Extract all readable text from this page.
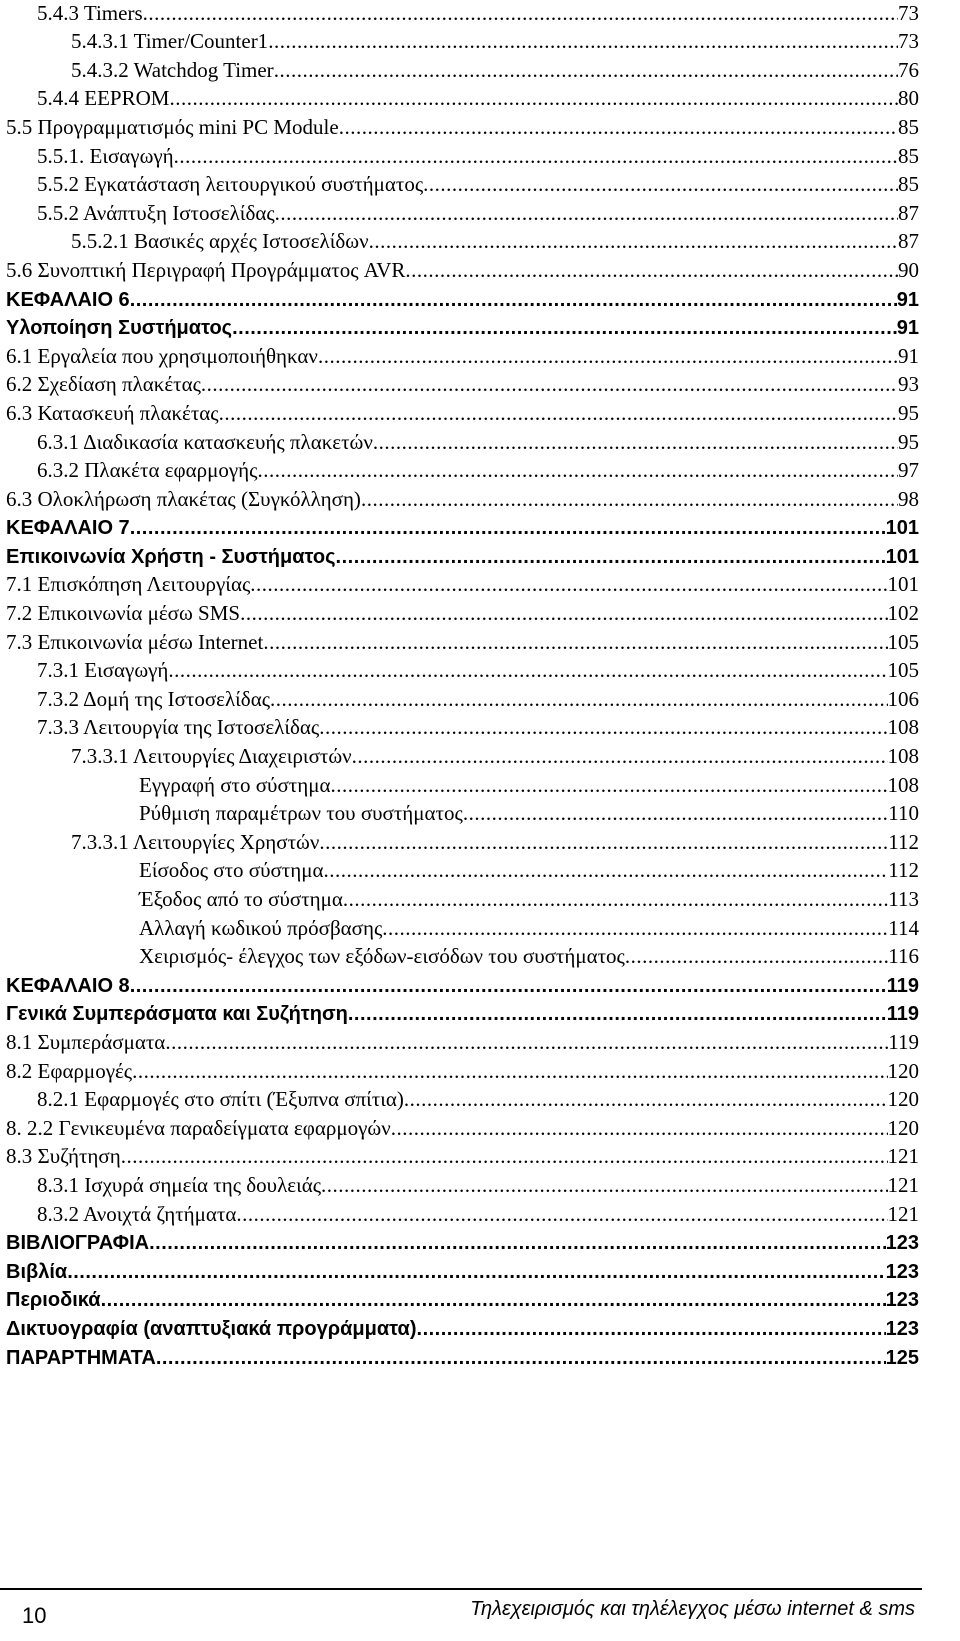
5.4.3 Timers .....	73
5.4.3.1 Timer/Counter1 .....	73
5.4.3.2 Watchdog Timer .....	76
5.4.4 EEPROM .....	80
5.5 Προγραμματισμός mini PC Module .....	85
5.5.1. Εισαγωγή .....	85
5.5.2 Εγκατάσταση λειτουργικού συστήματος .....	85
5.5.2 Ανάπτυξη Ιστοσελίδας .....	87
5.5.2.1 Βασικές αρχές Ιστοσελίδων .....	87
5.6 Συνοπτική Περιγραφή Προγράμματος AVR .....	90
ΚΕΦΑΛΑΙΟ 6 .....	91
Υλοποίηση Συστήματος .....	91
6.1 Εργαλεία που χρησιμοποιήθηκαν .....	91
6.2 Σχεδίαση πλακέτας .....	93
6.3 Κατασκευή πλακέτας .....	95
6.3.1 Διαδικασία κατασκευής πλακετών .....	95
6.3.2 Πλακέτα εφαρμογής .....	97
6.3 Ολοκλήρωση πλακέτας (Συγκόλληση) .....	98
ΚΕΦΑΛΑΙΟ 7 .....	101
Επικοινωνία Χρήστη - Συστήματος .....	101
7.1 Επισκόπηση Λειτουργίας .....	101
7.2 Επικοινωνία μέσω SMS .....	102
7.3 Επικοινωνία μέσω Internet .....	105
7.3.1 Εισαγωγή .....	105
7.3.2 Δομή της Ιστοσελίδας .....	106
7.3.3 Λειτουργία της Ιστοσελίδας .....	108
7.3.3.1 Λειτουργίες Διαχειριστών .....	108
Εγγραφή στο σύστημα .....	108
Ρύθμιση παραμέτρων του συστήματος .....	110
7.3.3.1 Λειτουργίες Χρηστών .....	112
Είσοδος στο σύστημα .....	112
Έξοδος από το σύστημα .....	113
Αλλαγή κωδικού πρόσβασης .....	114
Χειρισμός- έλεγχος των εξόδων-εισόδων του συστήματος .....	116
ΚΕΦΑΛΑΙΟ 8 .....	119
Γενικά Συμπεράσματα και Συζήτηση .....	119
8.1 Συμπεράσματα .....	119
8.2 Εφαρμογές .....	120
8.2.1 Εφαρμογές στο σπίτι (Έξυπνα σπίτια) .....	120
8. 2.2 Γενικευμένα παραδείγματα εφαρμογών .....	120
8.3 Συζήτηση .....	121
8.3.1 Ισχυρά σημεία της δουλειάς .....	121
8.3.2 Ανοιχτά ζητήματα .....	121
ΒΙΒΛΙΟΓΡΑΦΙΑ .....	123
Βιβλία .....	123
Περιοδικά .....	123
Δικτυογραφία (αναπτυξιακά προγράμματα) .....	123
ΠΑΡΑΡΤΗΜΑΤΑ .....	125
10	Τηλεχειρισμός και τηλέλεγχος μέσω internet & sms
